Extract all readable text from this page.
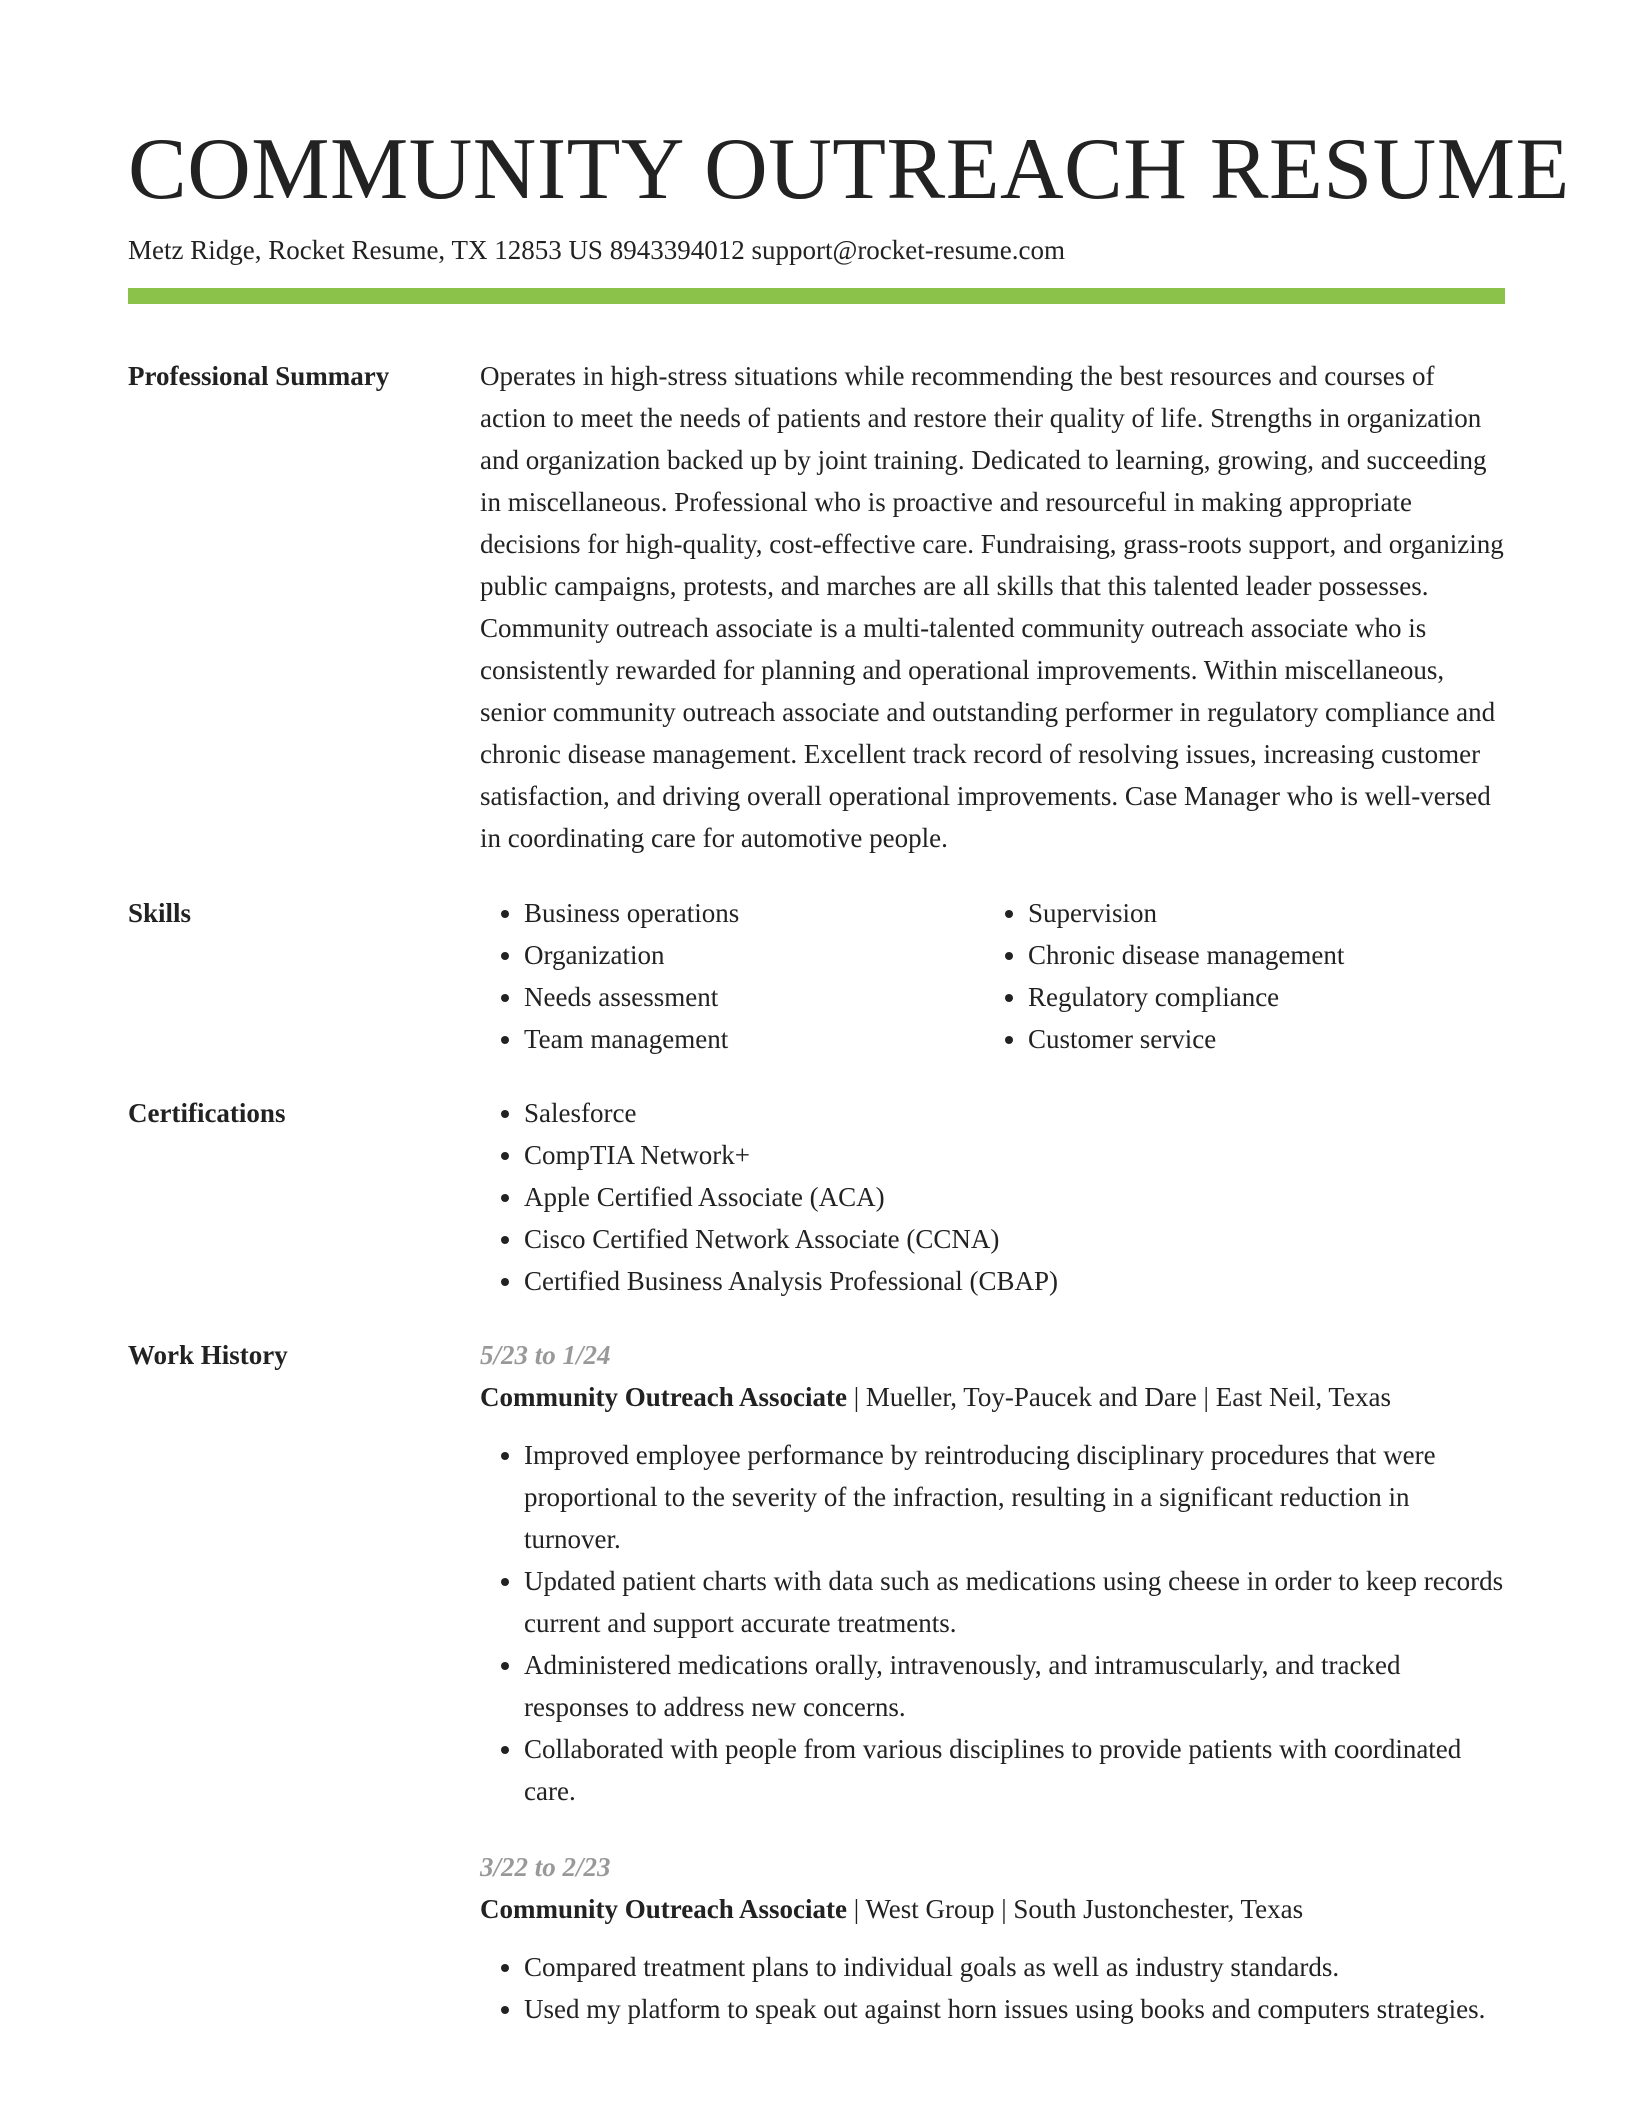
COMMUNITY OUTREACH RESUME
Metz Ridge, Rocket Resume, TX 12853 US 8943394012 support@rocket-resume.com
Professional Summary	Operates in high-stress situations while recommending the best resources and courses of action to meet the needs of patients and restore their quality of life. Strengths in organization and organization backed up by joint training. Dedicated to learning, growing, and succeeding in miscellaneous. Professional who is proactive and resourceful in making appropriate decisions for high-quality, cost-effective care. Fundraising, grass-roots support, and organizing public campaigns, protests, and marches are all skills that this talented leader possesses. Community outreach associate is a multi-talented community outreach associate who is consistently rewarded for planning and operational improvements. Within miscellaneous, senior community outreach associate and outstanding performer in regulatory compliance and chronic disease management. Excellent track record of resolving issues, increasing customer satisfaction, and driving overall operational improvements. Case Manager who is well-versed in coordinating care for automotive people.
Skills	• Business operations
• Organization
• Needs assessment
• Team management
• Supervision
• Chronic disease management
• Regulatory compliance
• Customer service
Certifications	• Salesforce
• CompTIA Network+
• Apple Certified Associate (ACA)
• Cisco Certified Network Associate (CCNA)
• Certified Business Analysis Professional (CBAP)
Work History	5/23 to 1/24
Community Outreach Associate | Mueller, Toy-Paucek and Dare | East Neil, Texas
• Improved employee performance by reintroducing disciplinary procedures that were proportional to the severity of the infraction, resulting in a significant reduction in turnover.
• Updated patient charts with data such as medications using cheese in order to keep records current and support accurate treatments.
• Administered medications orally, intravenously, and intramuscularly, and tracked responses to address new concerns.
• Collaborated with people from various disciplines to provide patients with coordinated care.
3/22 to 2/23
Community Outreach Associate | West Group | South Justonchester, Texas
• Compared treatment plans to individual goals as well as industry standards.
• Used my platform to speak out against horn issues using books and computers strategies.
